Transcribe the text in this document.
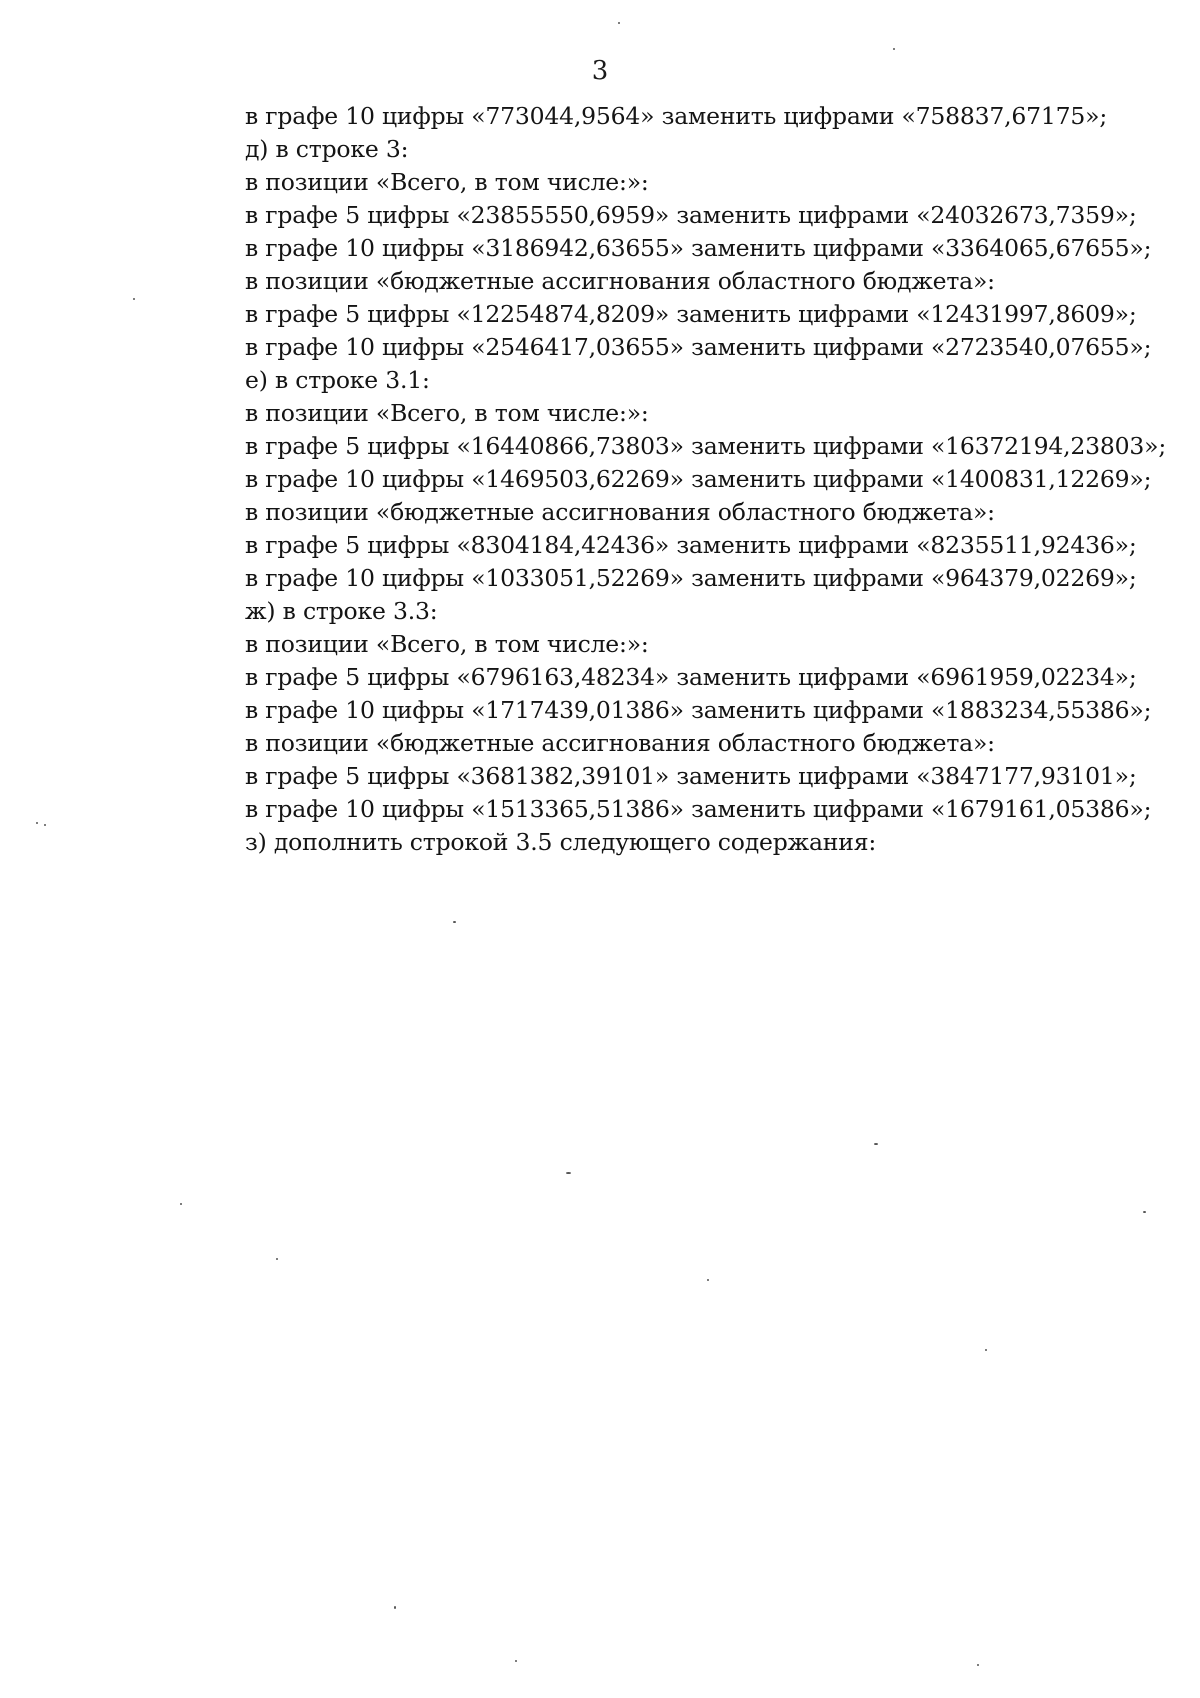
3
в графе 10 цифры «773044,9564» заменить цифрами «758837,67175»;
д) в строке 3:
в позиции «Всего, в том числе:»:
в графе 5 цифры «23855550,6959» заменить цифрами «24032673,7359»;
в графе 10 цифры «3186942,63655» заменить цифрами «3364065,67655»;
в позиции «бюджетные ассигнования областного бюджета»:
в графе 5 цифры «12254874,8209» заменить цифрами «12431997,8609»;
в графе 10 цифры «2546417,03655» заменить цифрами «2723540,07655»;
е) в строке 3.1:
в позиции «Всего, в том числе:»:
в графе 5 цифры «16440866,73803» заменить цифрами «16372194,23803»;
в графе 10 цифры «1469503,62269» заменить цифрами «1400831,12269»;
в позиции «бюджетные ассигнования областного бюджета»:
в графе 5 цифры «8304184,42436» заменить цифрами «8235511,92436»;
в графе 10 цифры «1033051,52269» заменить цифрами «964379,02269»;
ж) в строке 3.3:
в позиции «Всего, в том числе:»:
в графе 5 цифры «6796163,48234» заменить цифрами «6961959,02234»;
в графе 10 цифры «1717439,01386» заменить цифрами «1883234,55386»;
в позиции «бюджетные ассигнования областного бюджета»:
в графе 5 цифры «3681382,39101» заменить цифрами «3847177,93101»;
в графе 10 цифры «1513365,51386» заменить цифрами «1679161,05386»;
з) дополнить строкой 3.5 следующего содержания:
